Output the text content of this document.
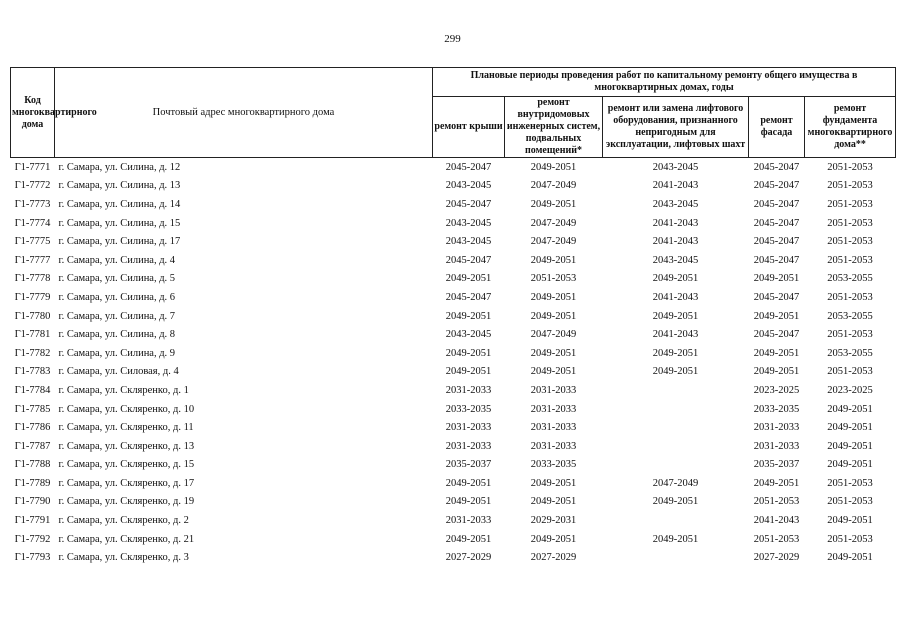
299
Код многоквартирного дома	Почтовый адрес многоквартирного дома	Плановые периоды проведения работ по капитальному ремонту общего имущества в многоквартирных домах, годы				
		ремонт крыши	ремонт внутридомовых инженерных систем, подвальных помещений*	ремонт или замена лифтового оборудования, признанного непригодным для эксплуатации, лифтовых шахт	ремонт фасада	ремонт фундамента многоквартирного дома**
Г1-7771	г. Самара, ул. Силина, д. 12	2045-2047	2049-2051	2043-2045	2045-2047	2051-2053
Г1-7772	г. Самара, ул. Силина, д. 13	2043-2045	2047-2049	2041-2043	2045-2047	2051-2053
Г1-7773	г. Самара, ул. Силина, д. 14	2045-2047	2049-2051	2043-2045	2045-2047	2051-2053
Г1-7774	г. Самара, ул. Силина, д. 15	2043-2045	2047-2049	2041-2043	2045-2047	2051-2053
Г1-7775	г. Самара, ул. Силина, д. 17	2043-2045	2047-2049	2041-2043	2045-2047	2051-2053
Г1-7777	г. Самара, ул. Силина, д. 4	2045-2047	2049-2051	2043-2045	2045-2047	2051-2053
Г1-7778	г. Самара, ул. Силина, д. 5	2049-2051	2051-2053	2049-2051	2049-2051	2053-2055
Г1-7779	г. Самара, ул. Силина, д. 6	2045-2047	2049-2051	2041-2043	2045-2047	2051-2053
Г1-7780	г. Самара, ул. Силина, д. 7	2049-2051	2049-2051	2049-2051	2049-2051	2053-2055
Г1-7781	г. Самара, ул. Силина, д. 8	2043-2045	2047-2049	2041-2043	2045-2047	2051-2053
Г1-7782	г. Самара, ул. Силина, д. 9	2049-2051	2049-2051	2049-2051	2049-2051	2053-2055
Г1-7783	г. Самара, ул. Силовая, д. 4	2049-2051	2049-2051	2049-2051	2049-2051	2051-2053
Г1-7784	г. Самара, ул. Скляренко, д. 1	2031-2033	2031-2033		2023-2025	2023-2025
Г1-7785	г. Самара, ул. Скляренко, д. 10	2033-2035	2031-2033		2033-2035	2049-2051
Г1-7786	г. Самара, ул. Скляренко, д. 11	2031-2033	2031-2033		2031-2033	2049-2051
Г1-7787	г. Самара, ул. Скляренко, д. 13	2031-2033	2031-2033		2031-2033	2049-2051
Г1-7788	г. Самара, ул. Скляренко, д. 15	2035-2037	2033-2035		2035-2037	2049-2051
Г1-7789	г. Самара, ул. Скляренко, д. 17	2049-2051	2049-2051	2047-2049	2049-2051	2051-2053
Г1-7790	г. Самара, ул. Скляренко, д. 19	2049-2051	2049-2051	2049-2051	2051-2053	2051-2053
Г1-7791	г. Самара, ул. Скляренко, д. 2	2031-2033	2029-2031		2041-2043	2049-2051
Г1-7792	г. Самара, ул. Скляренко, д. 21	2049-2051	2049-2051	2049-2051	2051-2053	2051-2053
Г1-7793	г. Самара, ул. Скляренко, д. 3	2027-2029	2027-2029		2027-2029	2049-2051
